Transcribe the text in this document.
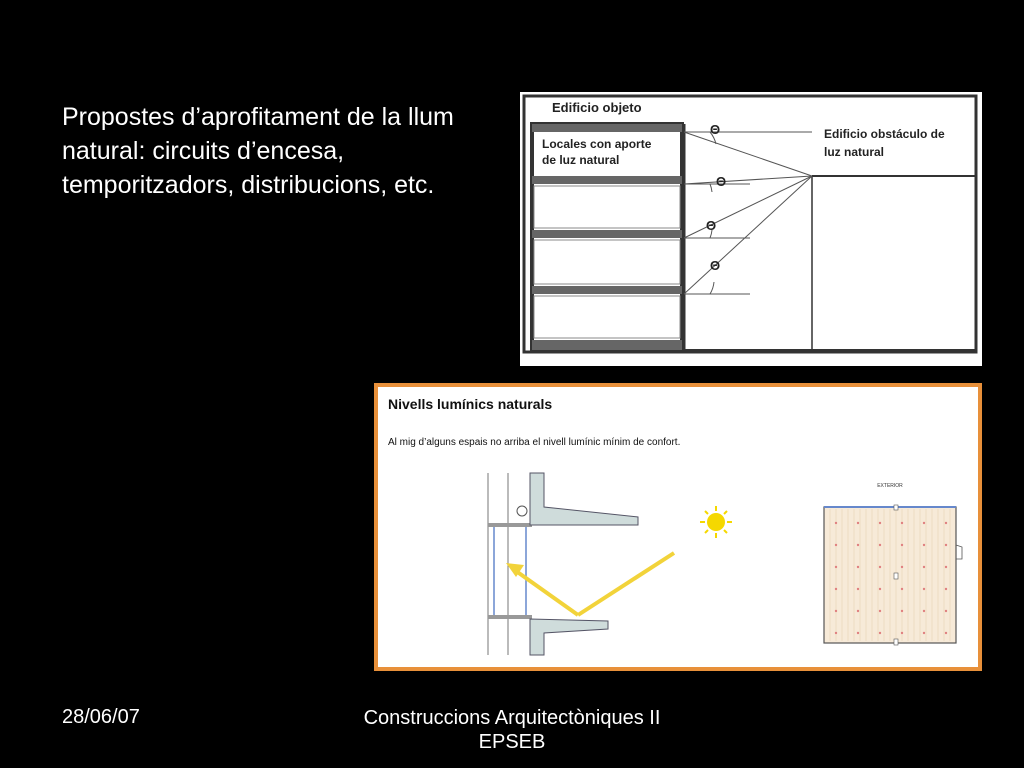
Propostes d’aprofitament de la llum natural: circuits d’encesa, temporitzadors, distribucions, etc.
Edificio objeto
Locales con aporte
de luz natural
Edificio obstáculo de
luz natural
Θ
Θ
Θ
Θ
Nivells lumínics naturals
Al mig d’alguns espais no arriba el nivell lumínic mínim de confort.
EXTERIOR
28/06/07	Construccions Arquitectòniques II
EPSEB
